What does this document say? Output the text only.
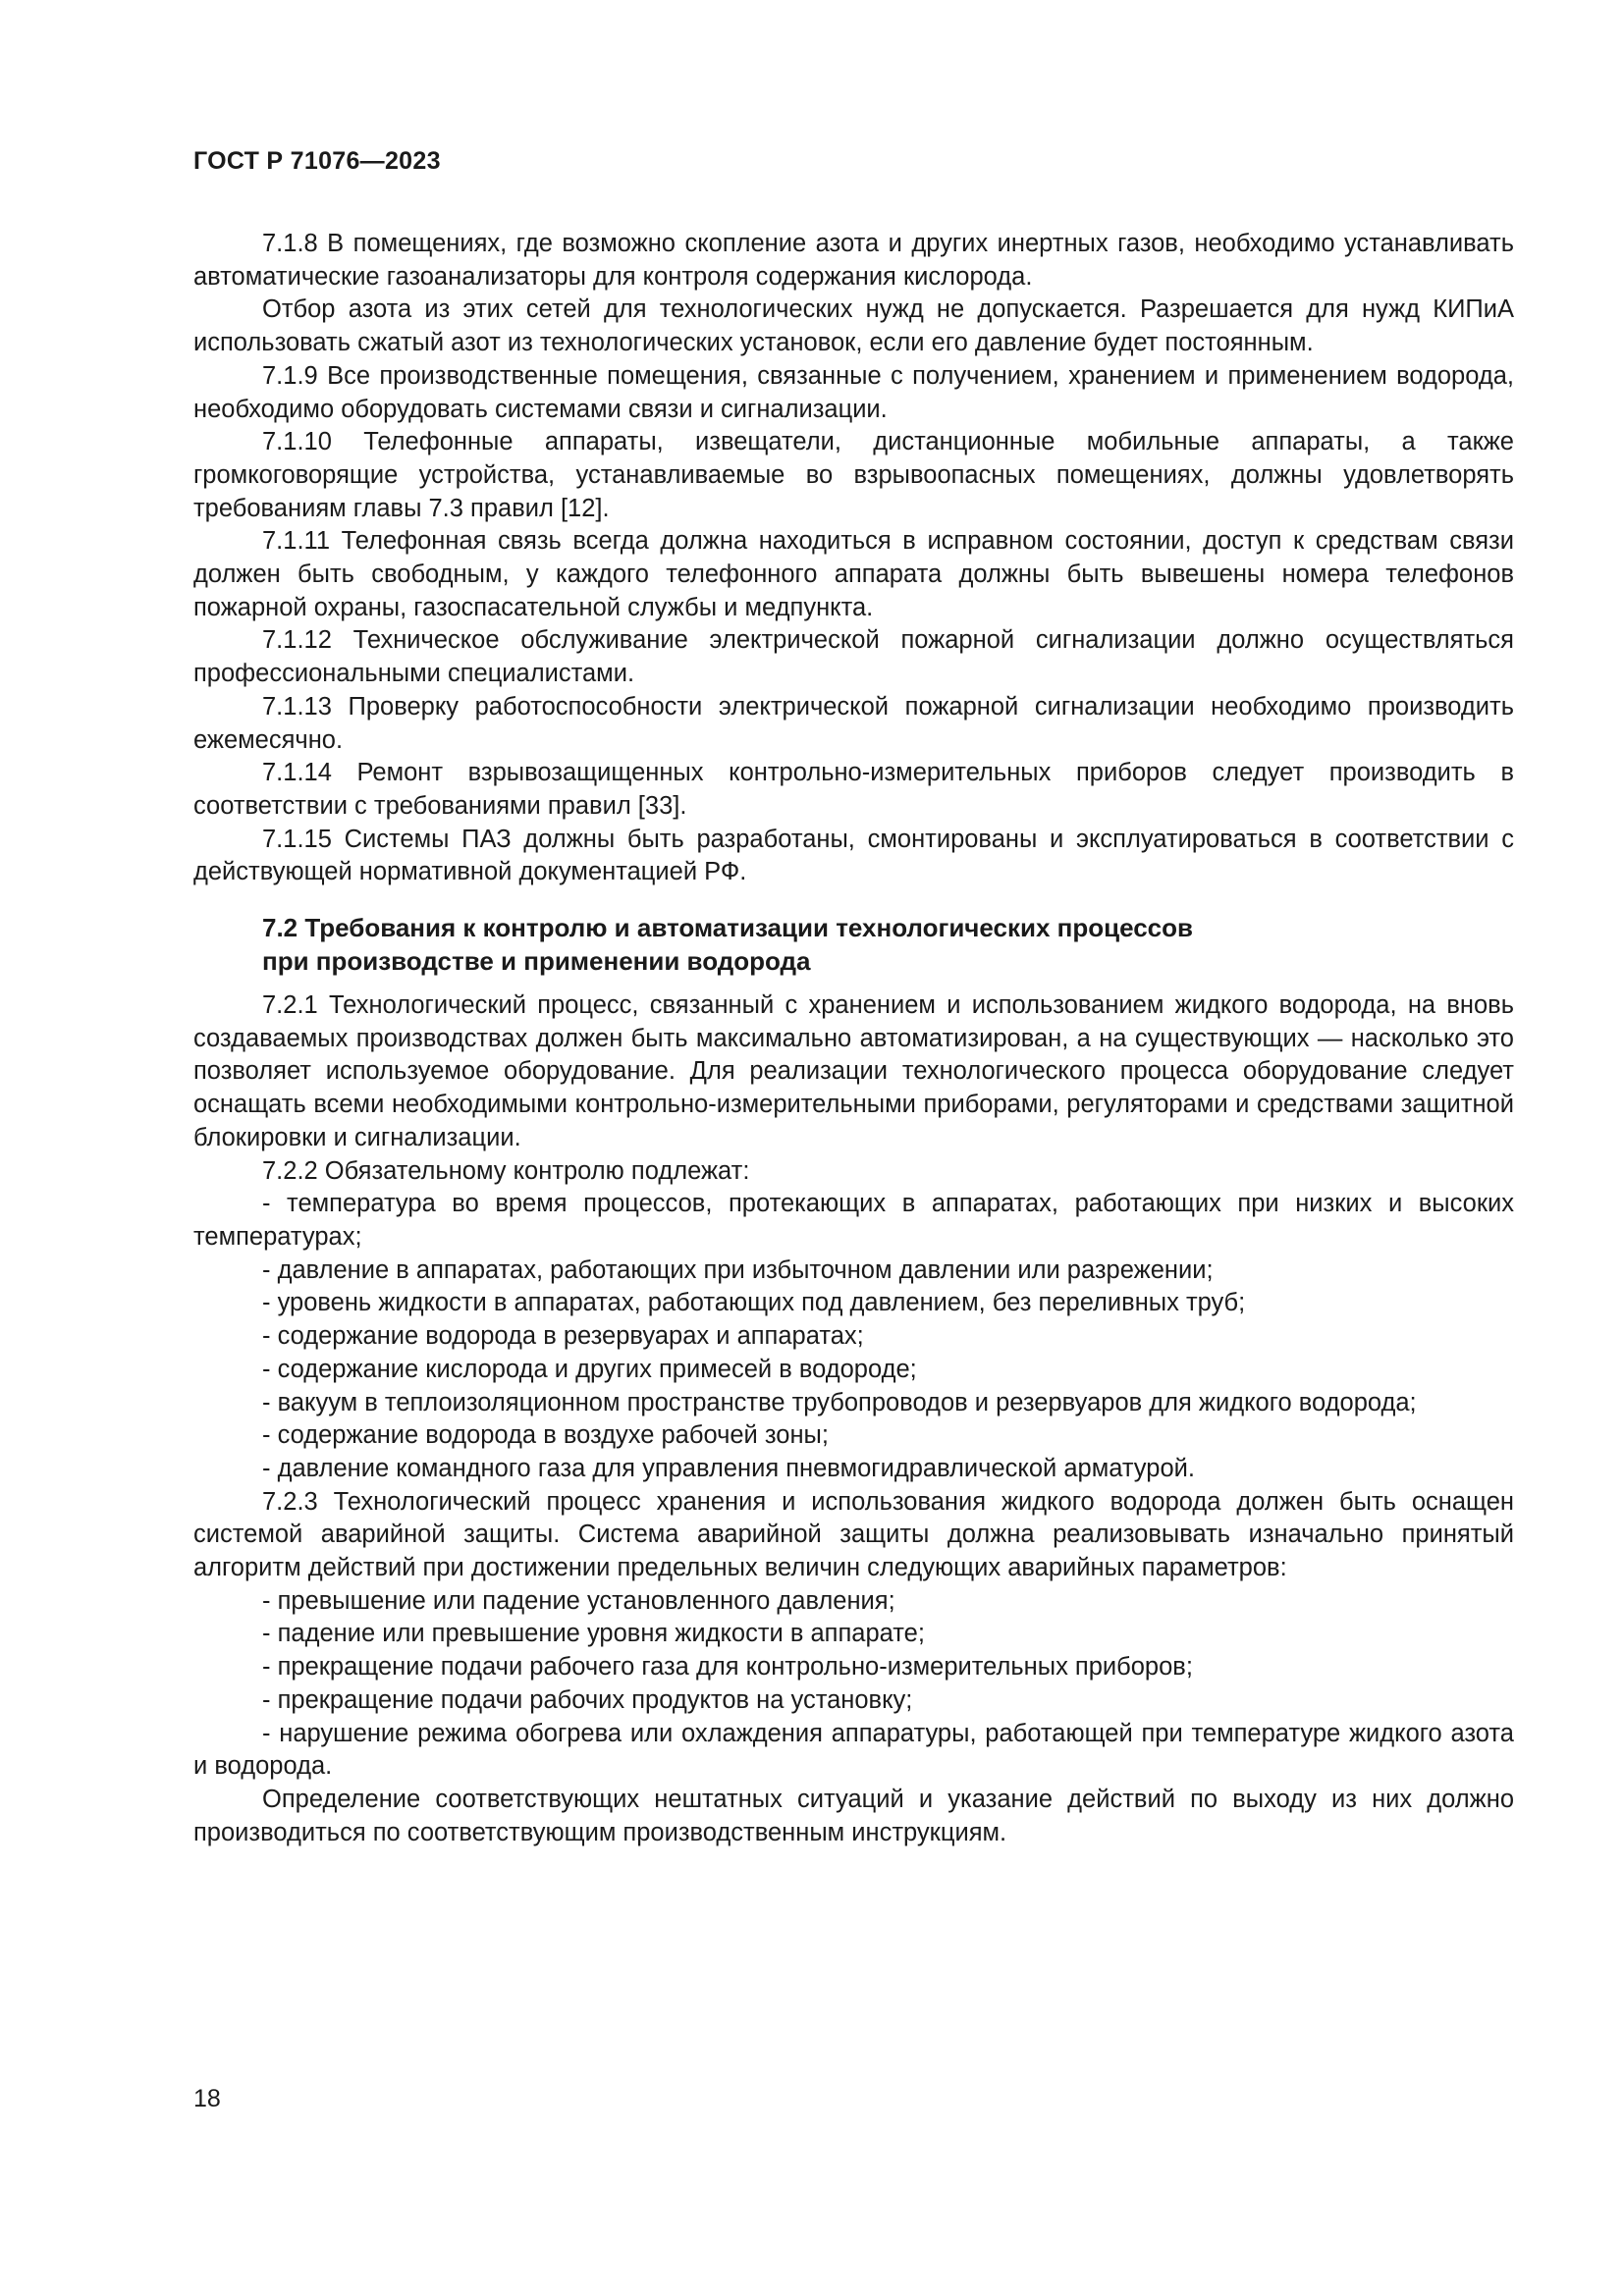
ГОСТ Р 71076—2023

7.1.8 В помещениях, где возможно скопление азота и других инертных газов, необходимо устанавливать автоматические газоанализаторы для контроля содержания кислорода.

Отбор азота из этих сетей для технологических нужд не допускается. Разрешается для нужд КИПиА использовать сжатый азот из технологических установок, если его давление будет постоянным.

7.1.9 Все производственные помещения, связанные с получением, хранением и применением водорода, необходимо оборудовать системами связи и сигнализации.

7.1.10 Телефонные аппараты, извещатели, дистанционные мобильные аппараты, а также громкоговорящие устройства, устанавливаемые во взрывоопасных помещениях, должны удовлетворять требованиям главы 7.3 правил [12].

7.1.11 Телефонная связь всегда должна находиться в исправном состоянии, доступ к средствам связи должен быть свободным, у каждого телефонного аппарата должны быть вывешены номера телефонов пожарной охраны, газоспасательной службы и медпункта.

7.1.12 Техническое обслуживание электрической пожарной сигнализации должно осуществляться профессиональными специалистами.

7.1.13 Проверку работоспособности электрической пожарной сигнализации необходимо производить ежемесячно.

7.1.14 Ремонт взрывозащищенных контрольно-измерительных приборов следует производить в соответствии с требованиями правил [33].

7.1.15 Системы ПАЗ должны быть разработаны, смонтированы и эксплуатироваться в соответствии с действующей нормативной документацией РФ.

7.2 Требования к контролю и автоматизации технологических процессов
при производстве и применении водорода

7.2.1 Технологический процесс, связанный с хранением и использованием жидкого водорода, на вновь создаваемых производствах должен быть максимально автоматизирован, а на существующих — насколько это позволяет используемое оборудование. Для реализации технологического процесса оборудование следует оснащать всеми необходимыми контрольно-измерительными приборами, регуляторами и средствами защитной блокировки и сигнализации.

7.2.2 Обязательному контролю подлежат:

- температура во время процессов, протекающих в аппаратах, работающих при низких и высоких температурах;

- давление в аппаратах, работающих при избыточном давлении или разрежении;

- уровень жидкости в аппаратах, работающих под давлением, без переливных труб;

- содержание водорода в резервуарах и аппаратах;

- содержание кислорода и других примесей в водороде;

- вакуум в теплоизоляционном пространстве трубопроводов и резервуаров для жидкого водорода;

- содержание водорода в воздухе рабочей зоны;

- давление командного газа для управления пневмогидравлической арматурой.

7.2.3 Технологический процесс хранения и использования жидкого водорода должен быть оснащен системой аварийной защиты. Система аварийной защиты должна реализовывать изначально принятый алгоритм действий при достижении предельных величин следующих аварийных параметров:

- превышение или падение установленного давления;

- падение или превышение уровня жидкости в аппарате;

- прекращение подачи рабочего газа для контрольно-измерительных приборов;

- прекращение подачи рабочих продуктов на установку;

- нарушение режима обогрева или охлаждения аппаратуры, работающей при температуре жидкого азота и водорода.

Определение соответствующих нештатных ситуаций и указание действий по выходу из них должно производиться по соответствующим производственным инструкциям.

18
